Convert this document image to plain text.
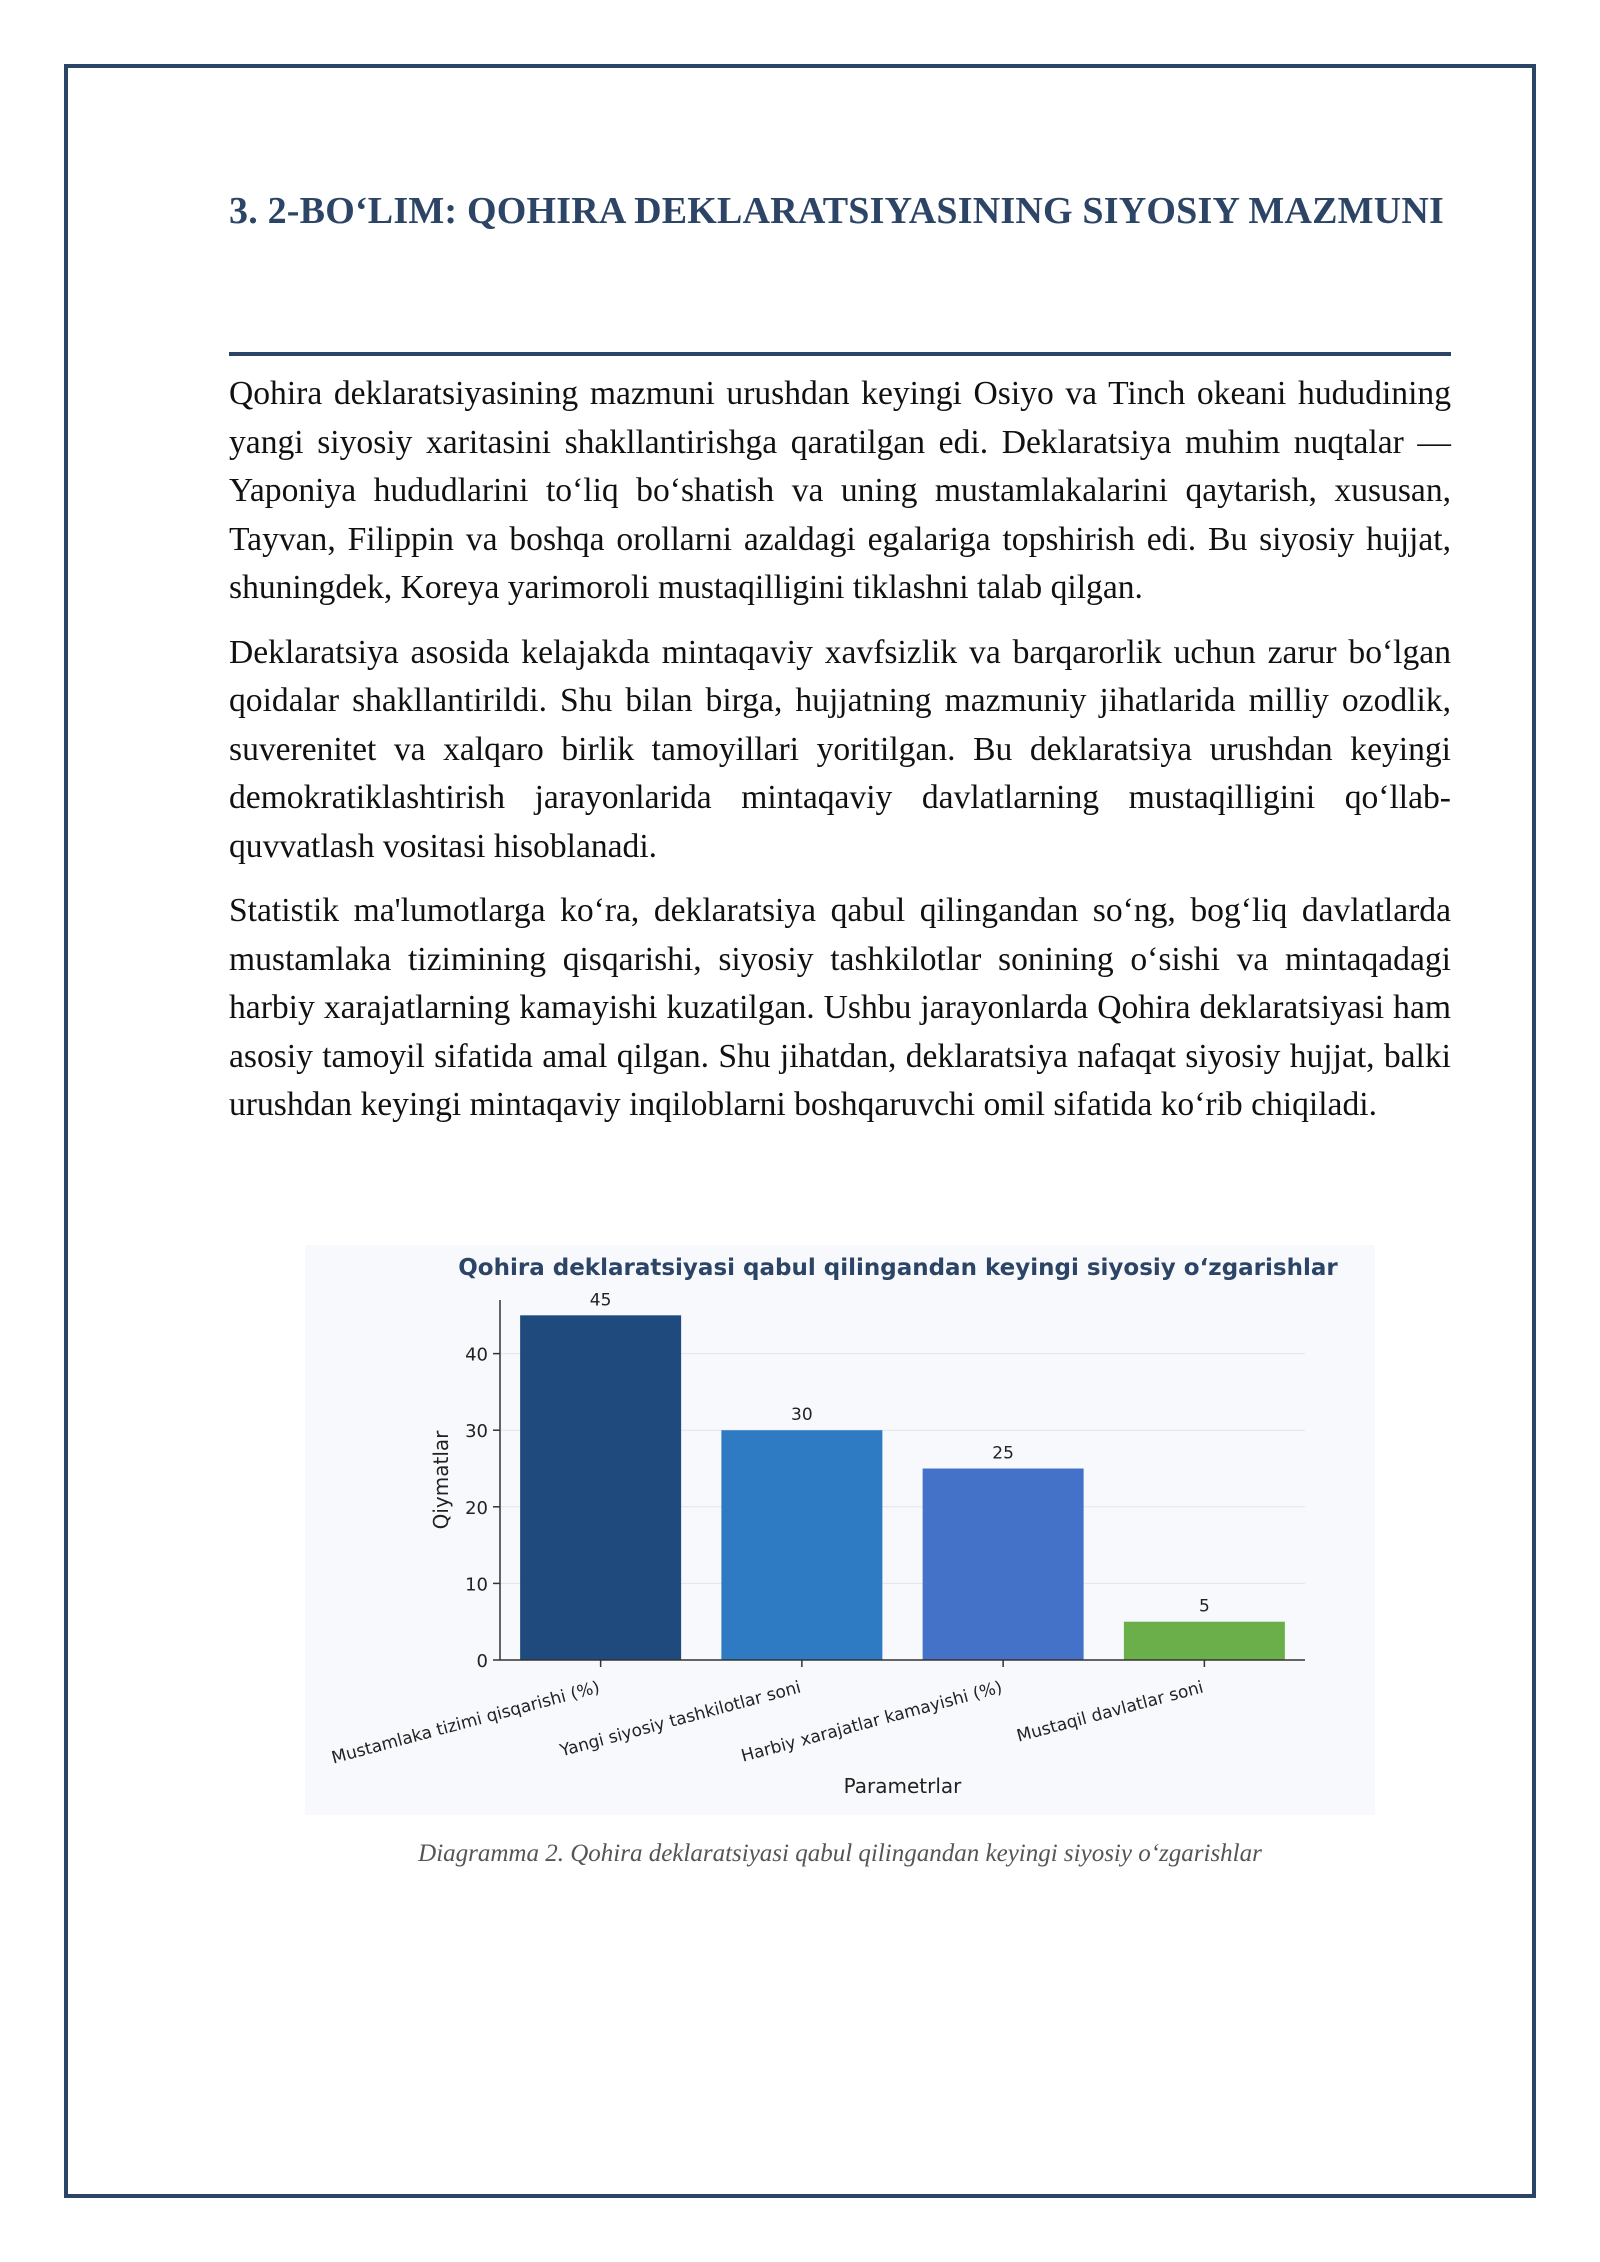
3. 2-BO‘LIM: QOHIRA DEKLARATSIYASINING SIYOSIY MAZMUNI

Qohira deklaratsiyasining mazmuni urushdan keyingi Osiyo va Tinch okeani hududining yangi siyosiy xaritasini shakllantirishga qaratilgan edi. Deklaratsiya muhim nuqtalar — Yaponiya hududlarini to‘liq bo‘shatish va uning mustamlakalarini qaytarish, xususan, Tayvan, Filippin va boshqa orollarni azaldagi egalariga topshirish edi. Bu siyosiy hujjat, shuningdek, Koreya yarimoroli mustaqilligini tiklashni talab qilgan.

Deklaratsiya asosida kelajakda mintaqaviy xavfsizlik va barqarorlik uchun zarur bo‘lgan qoidalar shakllantirildi. Shu bilan birga, hujjatning mazmuniy jihatlarida milliy ozodlik, suverenitet va xalqaro birlik tamoyillari yoritilgan. Bu deklaratsiya urushdan keyingi demokratiklashtirish jarayonlarida mintaqaviy davlatlarning mustaqilligini qo‘llab-quvvatlash vositasi hisoblanadi.

Statistik ma'lumotlarga ko‘ra, deklaratsiya qabul qilingandan so‘ng, bog‘liq davlatlarda mustamlaka tizimining qisqarishi, siyosiy tashkilotlar sonining o‘sishi va mintaqadagi harbiy xarajatlarning kamayishi kuzatilgan. Ushbu jarayonlarda Qohira deklaratsiyasi ham asosiy tamoyil sifatida amal qilgan. Shu jihatdan, deklaratsiya nafaqat siyosiy hujjat, balki urushdan keyingi mintaqaviy inqiloblarni boshqaruvchi omil sifatida ko‘rib chiqiladi.

Qohira deklaratsiyasi qabul qilingandan keyingi siyosiy o‘zgarishlar
0
10
20
30
40
45
Mustamlaka tizimi qisqarishi (%)
30
Yangi siyosiy tashkilotlar soni
25
Harbiy xarajatlar kamayishi (%)
5
Mustaqil davlatlar soni
Parametrlar
Qiymatlar
Diagramma 2. Qohira deklaratsiyasi qabul qilingandan keyingi siyosiy o‘zgarishlar
